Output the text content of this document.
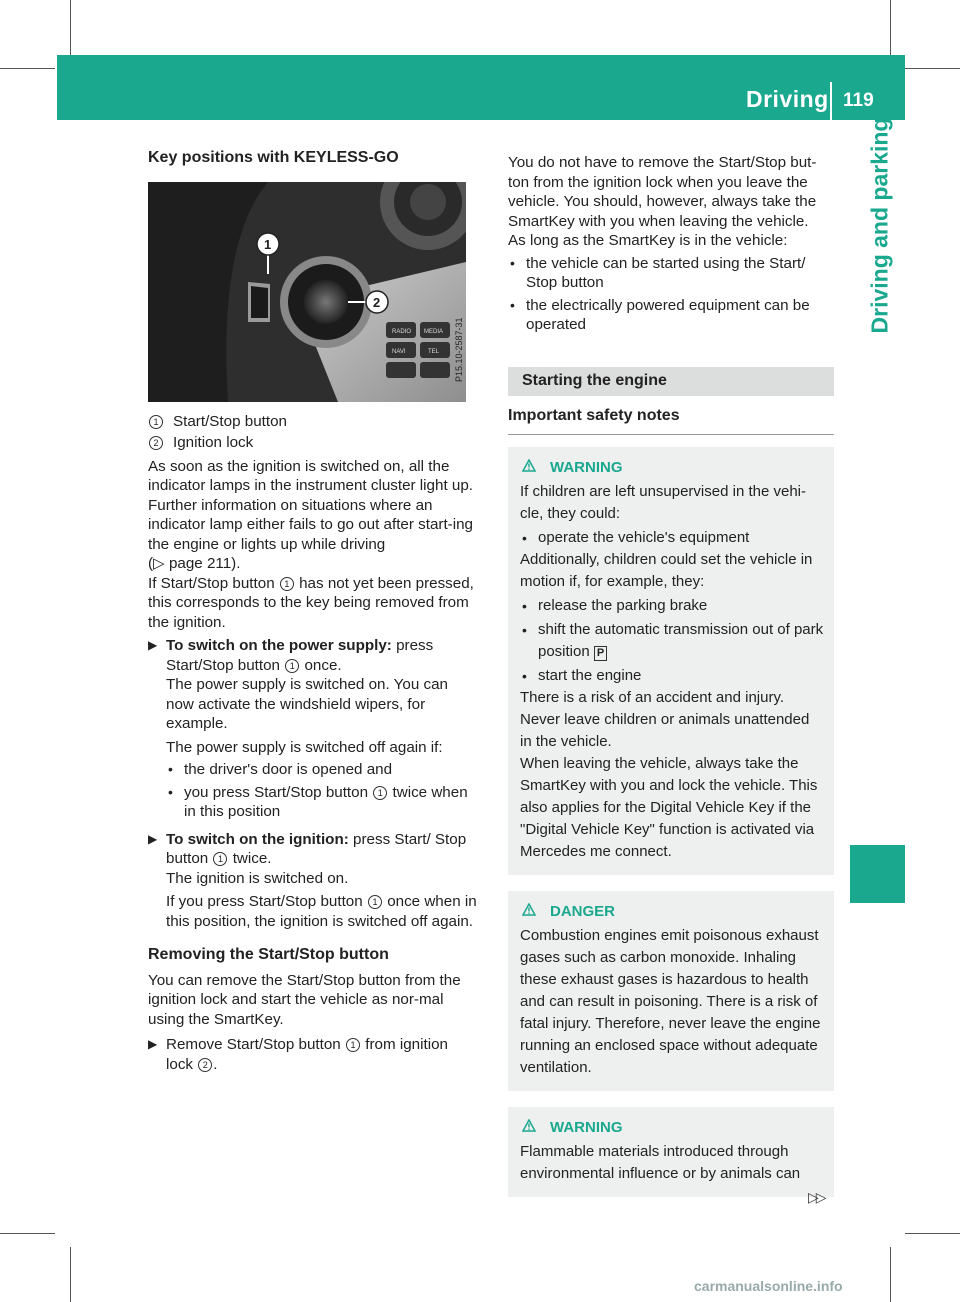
Driving 119
Driving and parking
Key positions with KEYLESS-GO
RADIO MEDIA
NAVI	TEL
1
2
P15.10-2587-31
1 Start/Stop button
2 Ignition lock

As soon as the ignition is switched on, all the indicator lamps in the instrument cluster light up. Further information on situations where an indicator lamp either fails to go out after start-ing the engine or lights up while driving
(▷ page 211).

If Start/Stop button 1 has not yet been pressed, this corresponds to the key being removed from the ignition.

▶ To switch on the power supply: press Start/Stop button 1 once.
The power supply is switched on. You can now activate the windshield wipers, for example.
The power supply is switched off again if:
• the driver's door is opened and
• you press Start/Stop button 1 twice when in this position
▶ To switch on the ignition: press Start/ Stop button 1 twice.
The ignition is switched on.
If you press Start/Stop button 1 once when in this position, the ignition is switched off again.
Removing the Start/Stop button

You can remove the Start/Stop button from the ignition lock and start the vehicle as nor-mal using the SmartKey.

▶ Remove Start/Stop button 1 from ignition lock 2 .

You do not have to remove the Start/Stop but-ton from the ignition lock when you leave the vehicle. You should, however, always take the SmartKey with you when leaving the vehicle.

As long as the SmartKey is in the vehicle:

• the vehicle can be started using the Start/ Stop button
• the electrically powered equipment can be operated
Starting the engine
Important safety notes
WARNING
If children are left unsupervised in the vehi-cle, they could:
• operate the vehicle's equipment
Additionally, children could set the vehicle in motion if, for example, they:
• release the parking brake
• shift the automatic transmission out of park position P
• start the engine
There is a risk of an accident and injury.
Never leave children or animals unattended in the vehicle.
When leaving the vehicle, always take the SmartKey with you and lock the vehicle. This also applies for the Digital Vehicle Key if the "Digital Vehicle Key" function is activated via Mercedes me connect.
DANGER
Combustion engines emit poisonous exhaust gases such as carbon monoxide. Inhaling these exhaust gases is hazardous to health and can result in poisoning. There is a risk of fatal injury. Therefore, never leave the engine running an enclosed space without adequate ventilation.
WARNING
Flammable materials introduced through environmental influence or by animals can
▷▷
carmanualsonline.info
